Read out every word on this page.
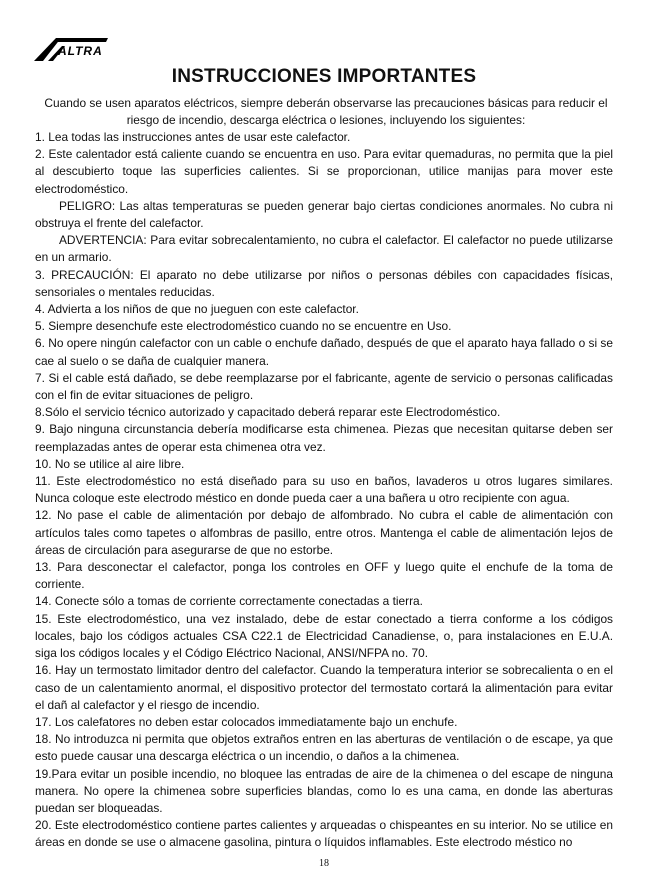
ALTRA
INSTRUCCIONES IMPORTANTES
Cuando se usen aparatos eléctricos, siempre deberán observarse las precauciones básicas para reducir el riesgo de incendio, descarga eléctrica o lesiones, incluyendo los siguientes:

1. Lea todas las instrucciones antes de usar este calefactor.

2. Este calentador está caliente cuando se encuentra en uso. Para evitar quemaduras, no permita que la piel al descubierto toque las superficies calientes. Si se proporcionan, utilice manijas para mover este electrodoméstico.

PELIGRO: Las altas temperaturas se pueden generar bajo ciertas condiciones anormales. No cubra ni obstruya el frente del calefactor.

ADVERTENCIA: Para evitar sobrecalentamiento, no cubra el calefactor. El calefactor no puede utilizarse en un armario.

3. PRECAUCIÓN: El aparato no debe utilizarse por niños o personas débiles con capacidades físicas, sensoriales o mentales reducidas.

4. Advierta a los niños de que no jueguen con este calefactor.

5. Siempre desenchufe este electrodoméstico cuando no se encuentre en Uso.

6. No opere ningún calefactor con un cable o enchufe dañado, después de que el aparato haya fallado o si se cae al suelo o se daña de cualquier manera.

7. Si el cable está dañado, se debe reemplazarse por el fabricante, agente de servicio o personas calificadas con el fin de evitar situaciones de peligro.

8.Sólo el servicio técnico autorizado y capacitado deberá reparar este Electrodoméstico.

9. Bajo ninguna circunstancia debería modificarse esta chimenea. Piezas que necesitan quitarse deben ser reemplazadas antes de operar esta chimenea otra vez.

10. No se utilice al aire libre.

11. Este electrodoméstico no está diseñado para su uso en baños, lavaderos u otros lugares similares. Nunca coloque este electrodo méstico en donde pueda caer a una bañera u otro recipiente con agua.

12. No pase el cable de alimentación por debajo de alfombrado. No cubra el cable de alimentación con artículos tales como tapetes o alfombras de pasillo, entre otros. Mantenga el cable de alimentación lejos de áreas de circulación para asegurarse de que no estorbe.

13. Para desconectar el calefactor, ponga los controles en OFF y luego quite el enchufe de la toma de corriente.

14. Conecte sólo a tomas de corriente correctamente conectadas a tierra.

15. Este electrodoméstico, una vez instalado, debe de estar conectado a tierra conforme a los códigos locales, bajo los códigos actuales CSA C22.1 de Electricidad Canadiense, o, para instalaciones en E.U.A. siga los códigos locales y el Código Eléctrico Nacional, ANSI/NFPA no. 70.

16. Hay un termostato limitador dentro del calefactor. Cuando la temperatura interior se sobrecalienta o en el caso de un calentamiento anormal, el dispositivo protector del termostato cortará la alimentación para evitar el dañ al calefactor y el riesgo de incendio.

17. Los calefatores no deben estar colocados immediatamente bajo un enchufe.

18. No introduzca ni permita que objetos extraños entren en las aberturas de ventilación o de escape, ya que esto puede causar una descarga eléctrica o un incendio, o daños a la chimenea.

19.Para evitar un posible incendio, no bloquee las entradas de aire de la chimenea o del escape de ninguna manera. No opere la chimenea sobre superficies blandas, como lo es una cama, en donde las aberturas puedan ser bloqueadas.

20. Este electrodoméstico contiene partes calientes y arqueadas o chispeantes en su interior. No se utilice en áreas en donde se use o almacene gasolina, pintura o líquidos inflamables. Este electrodo méstico no

18
